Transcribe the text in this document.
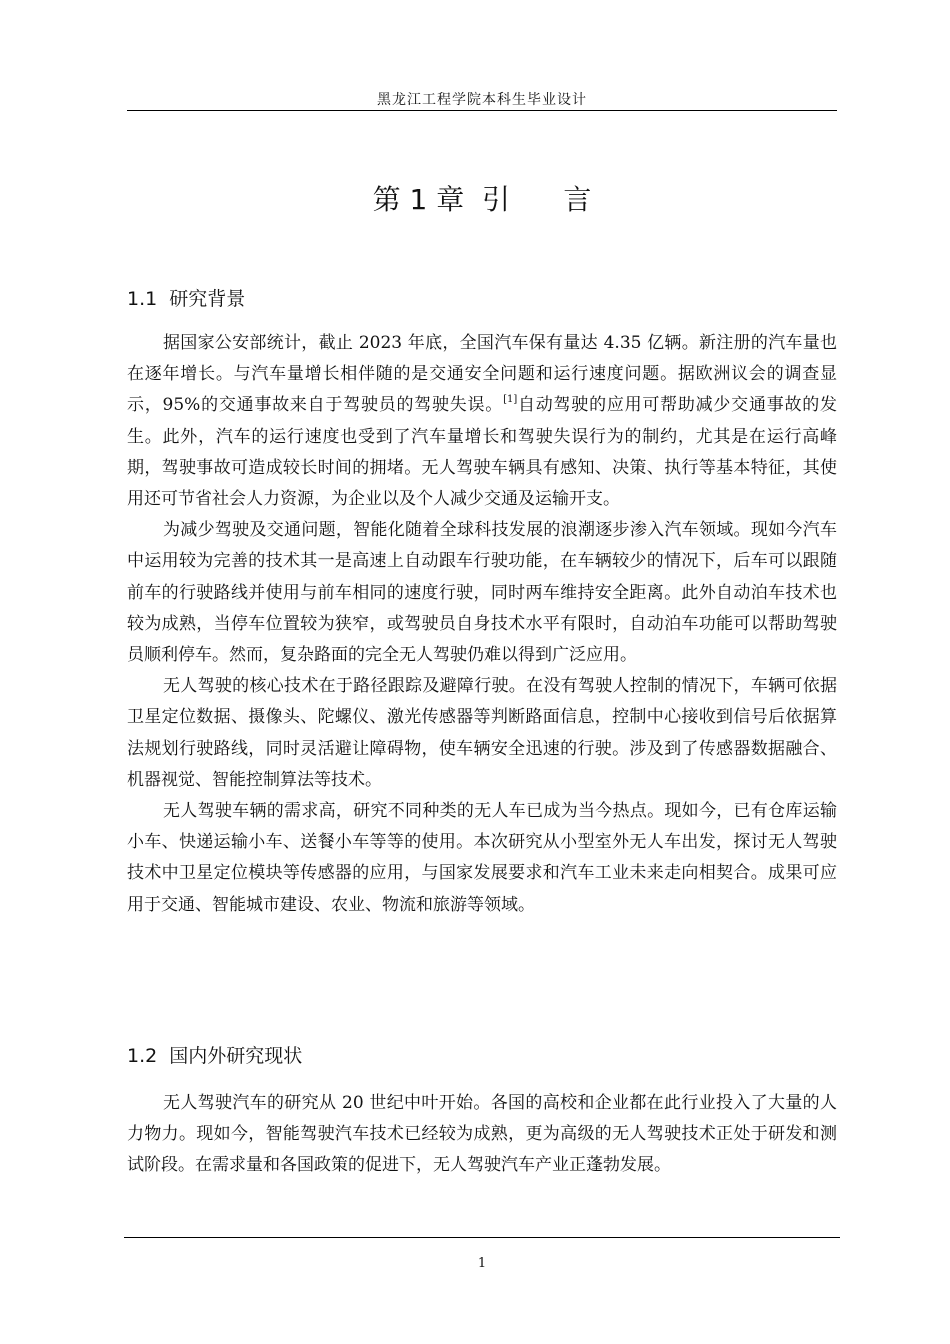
黑龙江工程学院本科生毕业设计
第 1 章  引      言
1.1 研究背景

据国家公安部统计，截止 2023 年底，全国汽车保有量达 4.35 亿辆。新注册的汽车量也在逐年增长。与汽车量增长相伴随的是交通安全问题和运行速度问题。据欧洲议会的调查显示，95%的交通事故来自于驾驶员的驾驶失误。[1]自动驾驶的应用可帮助减少交通事故的发生。此外，汽车的运行速度也受到了汽车量增长和驾驶失误行为的制约，尤其是在运行高峰期，驾驶事故可造成较长时间的拥堵。无人驾驶车辆具有感知、决策、执行等基本特征，其使用还可节省社会人力资源，为企业以及个人减少交通及运输开支。

为减少驾驶及交通问题，智能化随着全球科技发展的浪潮逐步渗入汽车领域。现如今汽车中运用较为完善的技术其一是高速上自动跟车行驶功能，在车辆较少的情况下，后车可以跟随前车的行驶路线并使用与前车相同的速度行驶，同时两车维持安全距离。此外自动泊车技术也较为成熟，当停车位置较为狭窄，或驾驶员自身技术水平有限时，自动泊车功能可以帮助驾驶员顺利停车。然而，复杂路面的完全无人驾驶仍难以得到广泛应用。

无人驾驶的核心技术在于路径跟踪及避障行驶。在没有驾驶人控制的情况下，车辆可依据卫星定位数据、摄像头、陀螺仪、激光传感器等判断路面信息，控制中心接收到信号后依据算法规划行驶路线，同时灵活避让障碍物，使车辆安全迅速的行驶。涉及到了传感器数据融合、机器视觉、智能控制算法等技术。

无人驾驶车辆的需求高，研究不同种类的无人车已成为当今热点。现如今，已有仓库运输小车、快递运输小车、送餐小车等等的使用。本次研究从小型室外无人车出发，探讨无人驾驶技术中卫星定位模块等传感器的应用，与国家发展要求和汽车工业未来走向相契合。成果可应用于交通、智能城市建设、农业、物流和旅游等领域。

1.2 国内外研究现状

无人驾驶汽车的研究从 20 世纪中叶开始。各国的高校和企业都在此行业投入了大量的人力物力。现如今，智能驾驶汽车技术已经较为成熟，更为高级的无人驾驶技术正处于研发和测试阶段。在需求量和各国政策的促进下，无人驾驶汽车产业正蓬勃发展。

1
